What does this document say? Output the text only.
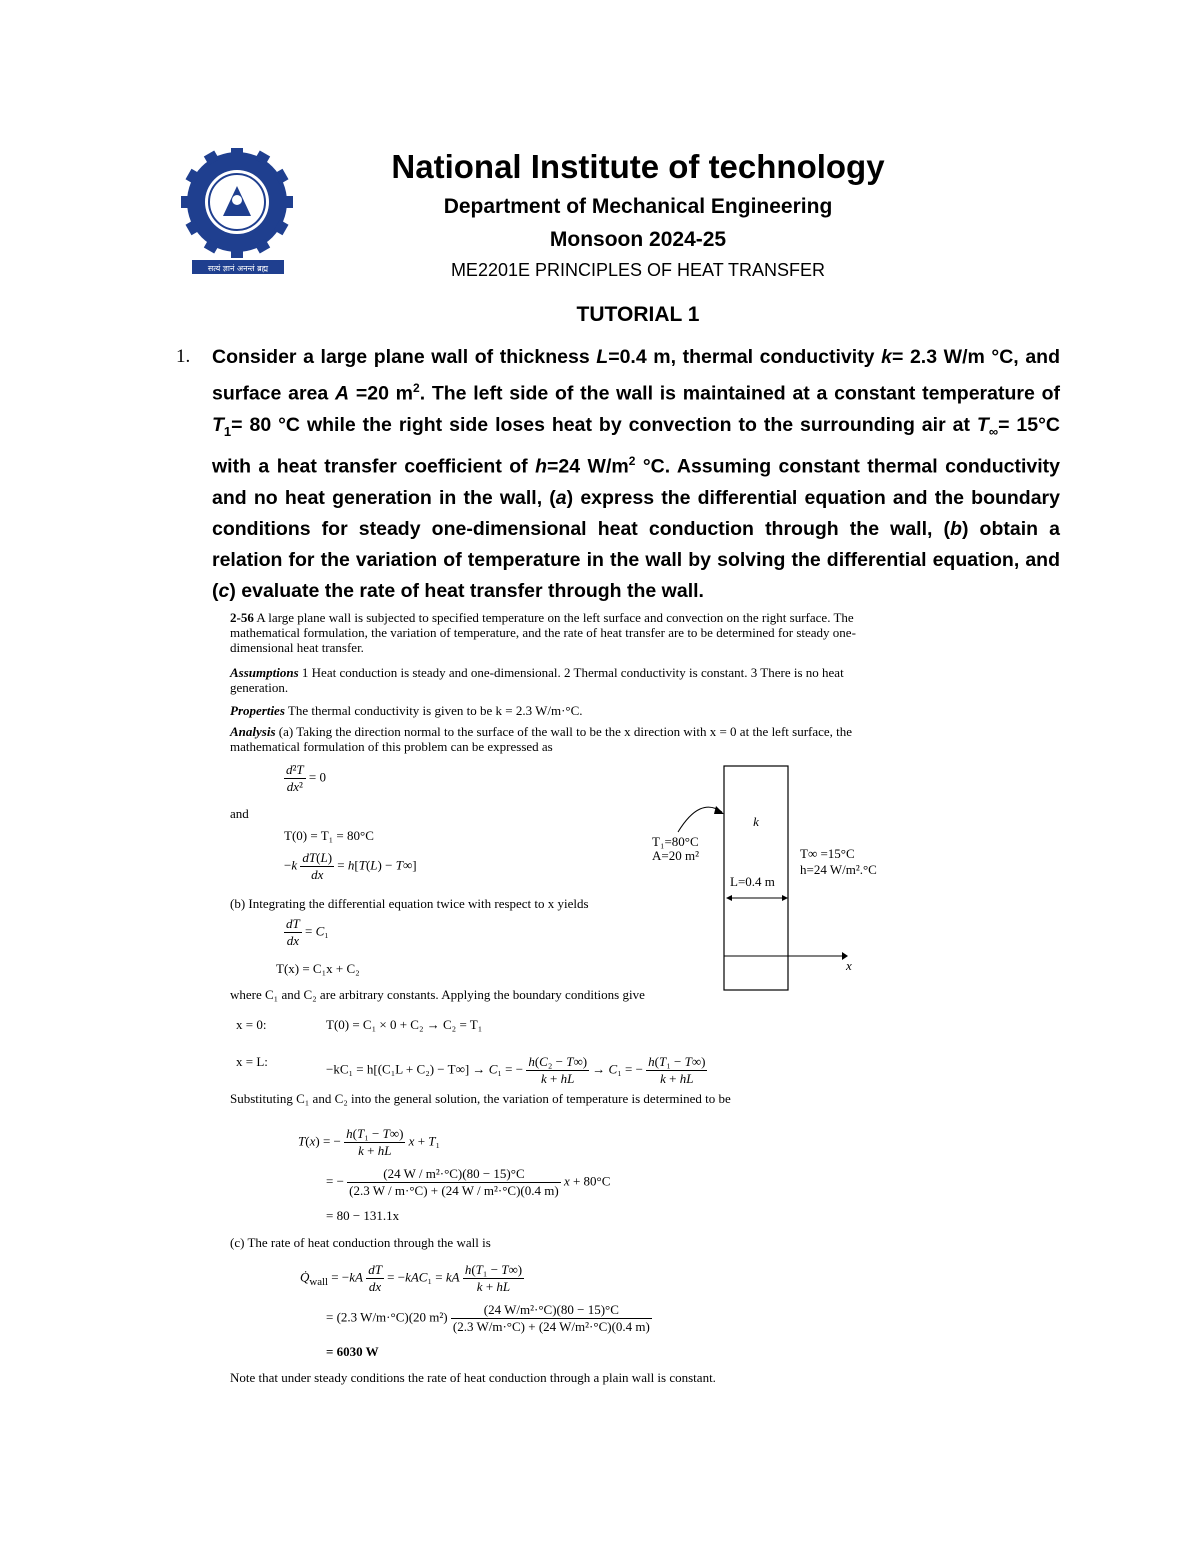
सत्यं ज्ञानं अनन्तं ब्रह्म
National Institute of technology
Department of Mechanical Engineering
Monsoon 2024-25
ME2201E PRINCIPLES OF HEAT TRANSFER
TUTORIAL 1
1. Consider a large plane wall of thickness L=0.4 m, thermal conductivity k= 2.3 W/m °C, and surface area A =20 $m^2$. The left side of the wall is maintained at a constant temperature of $T_1= 80$ °C while the right side loses heat by convection to the surrounding air at $T_\infty= 15^\circ C$ with a heat transfer coefficient of h=24 $W/m^2$ °C. Assuming constant thermal conductivity and no heat generation in the wall, (a) express the differential equation and the boundary conditions for steady one-dimensional heat conduction through the wall, (b) obtain a relation for the variation of temperature in the wall by solving the differential equation, and (c) evaluate the rate of heat transfer through the wall.
2-56 A large plane wall is subjected to specified temperature on the left surface and convection on the right surface. The mathematical formulation, the variation of temperature, and the rate of heat transfer are to be determined for steady one-dimensional heat transfer.
Assumptions 1 Heat conduction is steady and one-dimensional. 2 Thermal conductivity is constant. 3 There is no heat generation.
Properties The thermal conductivity is given to be k = 2.3 W/m·°C.
Analysis (a) Taking the direction normal to the surface of the wall to be the x direction with x = 0 at the left surface, the mathematical formulation of this problem can be expressed as
$\frac{\text{d²T}}{\text{dx²}} = 0$
and
T(0) = T₁ = 80°C
$-k \frac{dT(L)}{dx} = h[T(L) - T\infty]$
(b) Integrating the differential equation twice with respect to x yields
$\frac{dT}{dx} = C_1$
T(x) = C₁x + C₂
where C₁ and C₂ are arbitrary constants. Applying the boundary conditions give
x = 0:	T(0) = C₁ × 0 + C₂ → C₂ = T₁
x = L:	−kC₁ = h[(C₁L + C₂) − T∞] → C₁ = − $\frac{\text{h(C₂ − T∞)}}{k + hL} \to C_1$ = − $\frac{\text{h(T₁ − T∞)}}{k + hL}$
Substituting C₁ and C₂ into the general solution, the variation of temperature is determined to be
T(x) = − $\frac{\text{h(T₁ − T∞)}}{k + hL}$ x + T₁
= − $\frac{\text{(24 W / m²·°C)(80 − 15)°C}}{\text{(2.3 W / m·°C) + (24 W / m²·°C)(0.4 m)}}$ x + 80°C
= 80 − 131.1x
(c) The rate of heat conduction through the wall is
$Q̇_{wall} = -kA \frac{dT}{dx} = -kAC_1$ = kA $\frac{\text{h(T₁ − T∞)}}{k + hL}$
= (2.3 W/m·°C)(20 $m^2) \frac{\text{(24 W/m²·°C)(80 − 15)°C}}{\text{(2.3 W/m·°C) + (24 W/m²·°C)(0.4 m)}}$
= 6030 W
Note that under steady conditions the rate of heat conduction through a plain wall is constant.
k
T₁=80°C
A=20 m²
L=0.4 m
T∞ =15°C
h=24 W/m².°C
x
